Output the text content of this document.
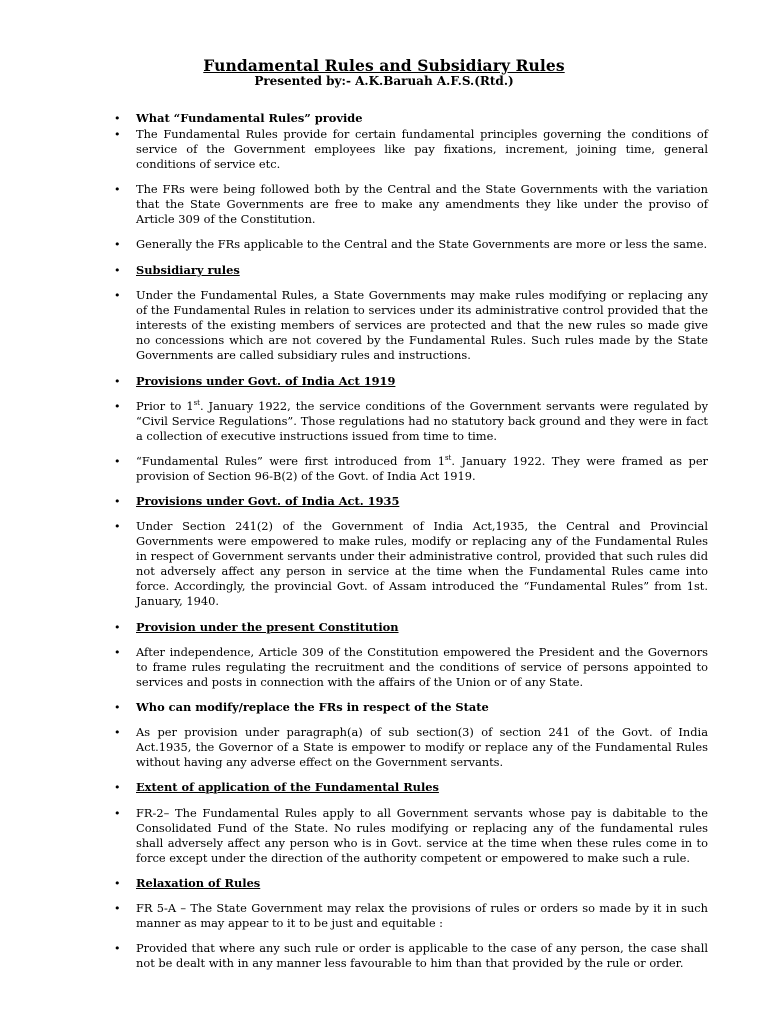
Fundamental Rules and Subsidiary Rules
Presented by:- A.K.Baruah A.F.S.(Rtd.)
•	What “Fundamental Rules” provide
•	The Fundamental Rules provide for certain fundamental principles governing the conditions of service of the Government employees like pay fixations, increment, joining time, general conditions of service etc.
•	The FRs were being followed both by the Central and the State Governments with the variation that the State Governments are free to make any amendments they like under the proviso of Article 309 of the Constitution.
•	Generally the FRs applicable to the Central and the State Governments are more or less the same.
•	Subsidiary rules
•	Under the Fundamental Rules, a State Governments may make rules modifying or replacing any of the Fundamental Rules in relation to services under its administrative control provided that the interests of the existing members of services are protected and that the new rules so made give no concessions which are not covered by the Fundamental Rules. Such rules made by the State Governments are called subsidiary rules and instructions.
•	Provisions under Govt. of India Act 1919
•	Prior to 1st. January 1922, the service conditions of the Government servants were regulated by “Civil Service Regulations”. Those regulations had no statutory back ground and they were in fact a collection of executive instructions issued from time to time.
•	“Fundamental Rules” were first introduced from 1st. January 1922. They were framed as per provision of Section 96-B(2) of the Govt. of India Act 1919.
•	Provisions under Govt. of India Act. 1935
•	Under Section 241(2) of the Government of India Act,1935, the Central and Provincial Governments were empowered to make rules, modify or replacing any of the Fundamental Rules in respect of Government servants under their administrative control, provided that such rules did not adversely affect any person in service at the time when the Fundamental Rules came into force. Accordingly, the provincial Govt. of Assam introduced the “Fundamental Rules” from 1st. January, 1940.
•	Provision under the present Constitution
•	After independence, Article 309 of the Constitution empowered the President and the Governors to frame rules regulating the recruitment and the conditions of service of persons appointed to services and posts in connection with the affairs of the Union or of any State.
•	Who can modify/replace the FRs in respect of the State
•	As per provision under paragraph(a) of sub section(3) of section 241 of the Govt. of India Act.1935, the Governor of a State is empower to modify or replace any of the Fundamental Rules without having any adverse effect on the Government servants.
•	Extent of application of the Fundamental Rules
•	FR-2– The Fundamental Rules apply to all Government servants whose pay is dabitable to the Consolidated Fund of the State. No rules modifying or replacing any of the fundamental rules shall adversely affect any person who is in Govt. service at the time when these rules come in to force except under the direction of the authority competent or empowered to make such a rule.
•	Relaxation of Rules
•	FR 5-A – The State Government may relax the provisions of rules or orders so made by it in such manner as may appear to it to be just and equitable :
•	Provided that where any such rule or order is applicable to the case of any person, the case shall not be dealt with in any manner less favourable to him than that provided by the rule or order.
